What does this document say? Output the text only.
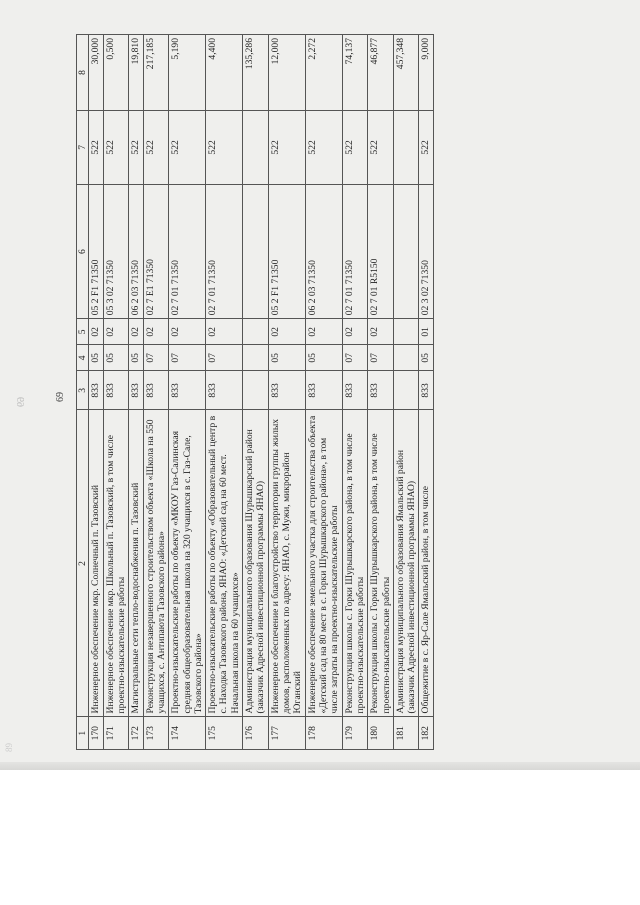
89
69	69
1	2	3	4	5	6	7	8
170	Инженерное обеспечение мкр. Солнечный п. Тазовский	833	05	02	05 2 F1 71350	522	30,000
171	Инженерное обеспечение мкр. Школьный п. Тазовский, в том числе проектно-изыскательские работы	833	05	02	05 3 02 71350	522	0,500
172	Магистральные сети тепло-водоснабжения п. Тазовский	833	05	02	06 2 03 71350	522	19,810
173	Реконструкция незавершенного строительством объекта «Школа на 550 учащихся, с. Антипаюта Тазовского района»	833	07	02	02 7 E1 71350	522	217,185
174	Проектно-изыскательские работы по объекту «МКОУ Газ-Салинская средняя общеобразовательная школа на 320 учащихся в с. Газ-Сале, Тазовского района»	833	07	02	02 7 01 71350	522	5,190
175	Проектно-изыскательские работы по объекту «Образовательный центр в с. Находка Тазовского района, ЯНАО: «Детский сад на 60 мест. Начальная школа на 60 учащихся»	833	07	02	02 7 01 71350	522	4,400
176	Администрация муниципального образования Шурышкарский район (заказчик Адресной инвестиционной программы ЯНАО)						135,286
177	Инженерное обеспечение и благоустройство территории группы жилых домов, расположенных по адресу: ЯНАО, с. Мужи, микрорайон Юганский	833	05	02	05 2 F1 71350	522	12,000
178	Инженерное обеспечение земельного участка для строительства объекта «Детский сад на 80 мест в с. Горки Шурышкарского района», в том числе затраты на проектно-изыскательские работы	833	05	02	06 2 03 71350	522	2,272
179	Реконструкция школы с. Горки Шурышкарского района, в том числе проектно-изыскательские работы	833	07	02	02 7 01 71350	522	74,137
180	Реконструкция школы с. Горки Шурышкарского района, в том числе проектно-изыскательские работы	833	07	02	02 7 01 R5150	522	46,877
181	Администрация муниципального образования Ямальский район (заказчик Адресной инвестиционной программы ЯНАО)						457,348
182	Общежитие в с. Яр-Сале Ямальский район, в том числе	833	05	01	02 3 02 71350	522	9,000
